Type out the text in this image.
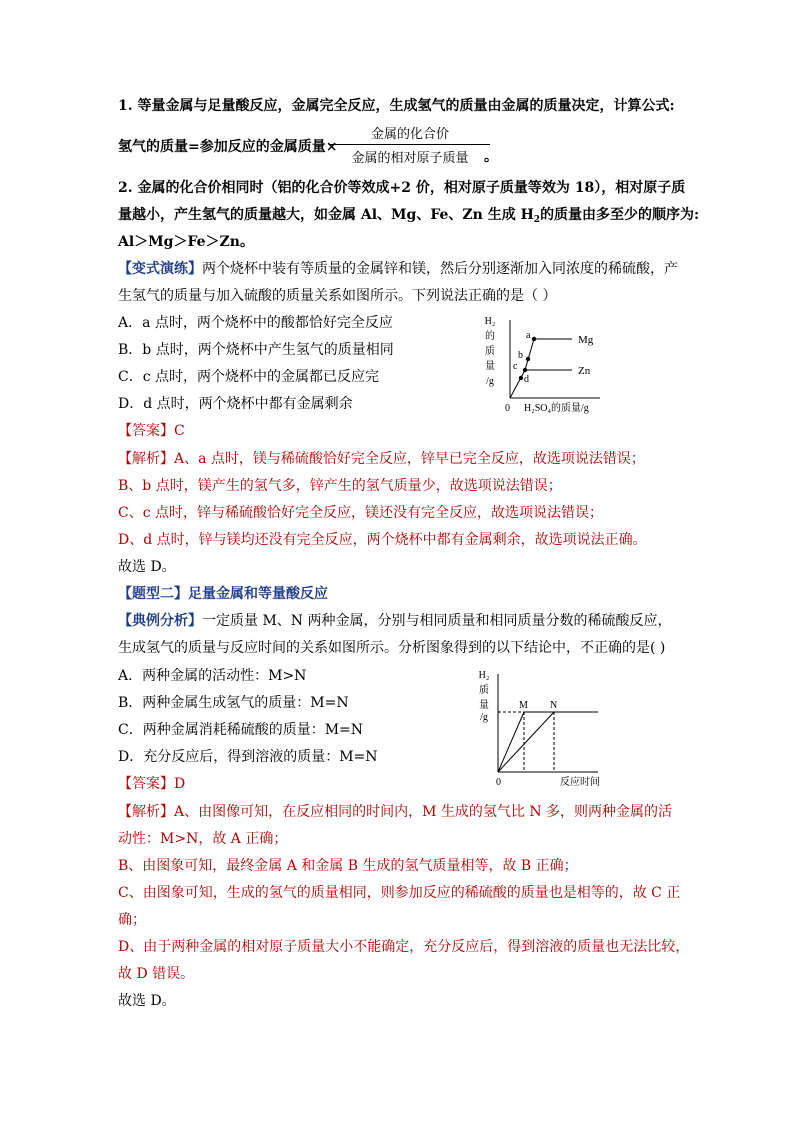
1. 等量金属与足量酸反应，金属完全反应，生成氢气的质量由金属的质量决定，计算公式:
氢气的质量=参加反应的金属质量×
金属的化合价
金属的相对原子质量	。
2. 金属的化合价相同时（铝的化合价等效成+2 价，相对原子质量等效为 18），相对原子质
量越小，产生氢气的质量越大，如金属 Al、Mg、Fe、Zn 生成 $H_2$的质量由多至少的顺序为:
Al＞Mg＞Fe＞Zn。
【变式演练】两个烧杯中装有等质量的金属锌和镁，然后分别逐渐加入同浓度的稀硫酸，产
生氢气的质量与加入硫酸的质量关系如图所示。下列说法正确的是（ ）
A．a 点时，两个烧杯中的酸都恰好完全反应
B．b 点时，两个烧杯中产生氢气的质量相同
C．c 点时，两个烧杯中的金属都已反应完
D．d 点时，两个烧杯中都有金属剩余
【答案】C
【解析】A、a 点时，镁与稀硫酸恰好完全反应，锌早已完全反应，故选项说法错误；
B、b 点时，镁产生的氢气多，锌产生的氢气质量少，故选项说法错误；
C、c 点时，锌与稀硫酸恰好完全反应，镁还没有完全反应，故选项说法错误；
D、d 点时，锌与镁均还没有完全反应，两个烧杯中都有金属剩余，故选项说法正确。
故选 D。
H₂
的
质
量
/g
a
b
c
d
Mg
Zn
0 H₂SO₄的质量/g
【题型二】足量金属和等量酸反应
【典例分析】一定质量 M、N 两种金属，分别与相同质量和相同质量分数的稀硫酸反应，
生成氢气的质量与反应时间的关系如图所示。分析图象得到的以下结论中，不正确的是( )
A．两种金属的活动性：M>N
B．两种金属生成氢气的质量：M=N
C．两种金属消耗稀硫酸的质量：M=N
D．充分反应后，得到溶液的质量：M=N
【答案】D
【解析】A、由图像可知，在反应相同的时间内，M 生成的氢气比 N 多，则两种金属的活
动性：M>N，故 A 正确；
B、由图象可知，最终金属 A 和金属 B 生成的氢气质量相等，故 B 正确；
C、由图象可知，生成的氢气的质量相同，则参加反应的稀硫酸的质量也是相等的，故 C 正
确；
D、由于两种金属的相对原子质量大小不能确定，充分反应后，得到溶液的质量也无法比较，
故 D 错误。
故选 D。
H₂
质
量
/g
M N
0	反应时间
